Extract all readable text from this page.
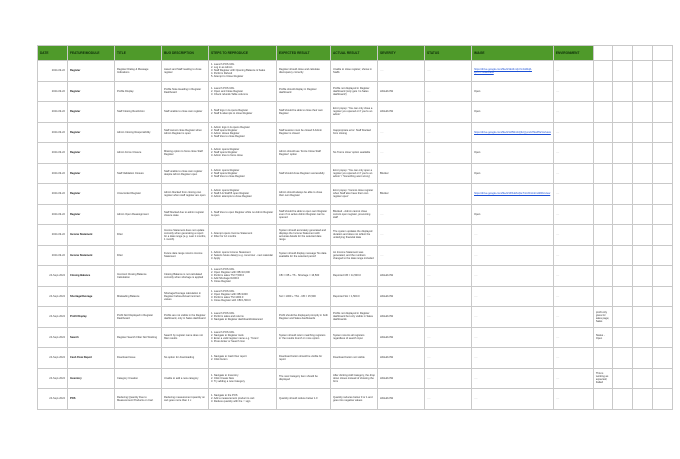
DATE	FEATURE/MODULE	TITLE	BUG DESCRIPTION	STEPS TO REPRODUCE	EXPECTED RESULT	ACTUAL RESULT	SEVERITY	STATUS	IMAGE	ENVIRONMENT				
2024-09-22	Register	Register Dialog & Message Indications	Assert and Staff reading to close register	1. Launch POS URL
2. Log in as Admin
3. Staff Register with Opening Balance & Sales
4. Perform Refund
5. Attempt to Close Register	Register should close and calculate discrepancy correctly	Unable to close register; shows in Staffs	----	----	https://drive.google.com/file/d/1kA9-r2pVmlxldbq6-Fj9YOTKwk/view	----				
2024-09-22	Register	Profile Display	Profile Note Heading in Register Dashboard	1. Launch POS URL
2. Open and Close Register
3. Check refunds Table columns	Profile should display in Register dashboard	Profile not displayed in Register dashboard (only gets 'no Sales dashboard')	HIGH/LOW	----	Open	----				
2024-09-22	Register	Staff Closing Restriction	Staff unable to close own register	1. Staff logs in & opens Register
2. Staff & attempts to close Register	Staff should be able to close their own Register	Error popup: 'You can only close a register you opened or if you're an admin'	HIGH/LOW	----	Open	----				
2024-09-22	Register	Admin Closing Responsibility	Staff cannot close Register when Admin Register is open	1. Admin logs in & opens Register
2. Staff opens Register
3. Admin closes Register
4. Staff tries to close Register	Staff session must be closed if Admin Register is closed	Inappropriate error: Staff blocked from closing	----	----	https://drive.google.com/file/d/1c8WmbQ3xQyxn2dTkaP0eVw/view	----				
2024-09-22	Register	Admin Force Closure	Missing option to force close Staff Register	1. Admin opens Register
2. Staff opens Register
3. Admin tries to force close	Admin should see 'Force Close Staff Register' option	No 'Force close' option available	----	----	Open	----				
2024-09-22	Register	Staff Validation Closure	Staff unable to close own register despite Admin Register open	1. Admin opens Register
2. Staff opens Register
3. Staff tries to close Register	Staff should close Register successfully	Error popup: 'You can only open a register you opened or if you're an admin' / 'Something went wrong'	Blocker	----	Open	----				
2024-09-22	Register	Unrecorded Register	Admin blocked from closing own register when staff register are open	1. Admin opens Register
2. Staff A & Staff B open Register
3. Admin attempts to close Register	Admin should always be able to close their own Register	Error popup: 'Cannot close register when Staff also have their own register open'	Blocker	----	https://drive.google.com/file/d/1K5uMxqVeTnCz0rLb2m4ZtRc/view	----				
2024-09-22	Register	Admin Open Reassignment	Staff blocked due to admin register closure state	1. Staff tries to open Register while no Admin Register is open	Staff should be able to open own Register even if no active Admin Register can be opened	Blocked - Admin cannot close current open register, preventing staff	----	----	Open	----				
2024-09-22	Income Statement	Filter	Income Statement does not update correctly when generating a report for a date range (e.g. Last 1 months, 1 month)	1. Attempt opens Income Statement
2. Filter for 12 months	System should accurately generated and displays the Income Statement with accurate details for the selected date range	The system updates the displayed duration and does not reflect the underlying financial data	----	----	----	----				
2024-09-22	Income Statement	Filter	Future date range returns income Statement	1. Admin opens Income Statement
2. Selects future date(s) e.g. tomorrow - next calendar
3. Apply	System should display message 'No data available for the selected period'	An Income Statement was generated, and the numbers changed to the date range included	----	----	----	----				
24-Sept-2024	Closing Balance	Incorrect Closing Balance Calculation	Closing Balance is not calculated correctly when shortage is applied	1. Launch POS URL
2. Open Register with OB=10,000
3. Perform sales TS=7,500.0
4. Add Shortage=1000.0
5. Close Register	CB = OB + TS - Shortage = 16,500	Reported CB = 11,500.0	HIGH/LOW	----	----	----				
24-Sept-2024	Shortage/Overage	Misleading Balance	Shortage/Overage calculation in Register before/Actual incorrect values	1. Launch POS URL
2. Open Register with OB=1000
3. Perform sales TS=1000.0
4. Close Register with CB=1,500.0	SH = 1000 + TS1 - CB = 15,500	Reported SH = 1,500.0	HIGH/LOW	----	----	----				
24-Sept-2024	Profit Display	Profit Not Displayed in Register Dashboard	Profits are not visible in the Register dashboard, only in Sales dashboard	1. Launch POS URL
2. Perform sales and returns
3. Navigate to Register dashboard/Advanced	Profit should be displayed promptly in both Register and Sales dashboards	Profits not displayed in Register dashboard but only visible in Sales dashboards	HIGH/LOW	----	----	----	profit only gives for sales page; Sales			
24-Sept-2024	Search	Register Search Filter Not Working	Search by register name does not filter results	1. Launch POS URL
2. Navigate to Register tools
3. Enter a valid register name e.g. 'Terem'
4. Press Enter or Search Icon	System should return matching registers in 'the results found' or more option	System returns all registers regardless of search input	HIGH/LOW	----	----	----	Status - Open			
24-Sept-2024	Cash Flow Report	Download Issue	No option for downloading	1. Navigate to Cash flow report
2. Click button	Download button should be visible for report	Download button not visible	HIGH/LOW	----	----	----				
24-Sept-2024	Inventory	Category Creation	Unable to add a new category	1. Navigate to Inventory
2. Click Create New
3. Try adding a new Category	The new Category item should be displayed	After clicking Add Category, the drop down closes instead of showing the form	HIGH/LOW	----	----	----	This is working as expected; Failed			
24-Sept-2024	POS	Reducing Quantity Due to Measurement Products on Cart	Reducing measurement quantity on cart goes more than 1 x	1. Navigate to the POS
2. Add a measurement product to cart
3. Reduce quantity with the '-' sign	Quantity should reduce below 1.0	Quantity reduces below 0 or 1 and goes into negative values	HIGH/LOW	----	----	----				
